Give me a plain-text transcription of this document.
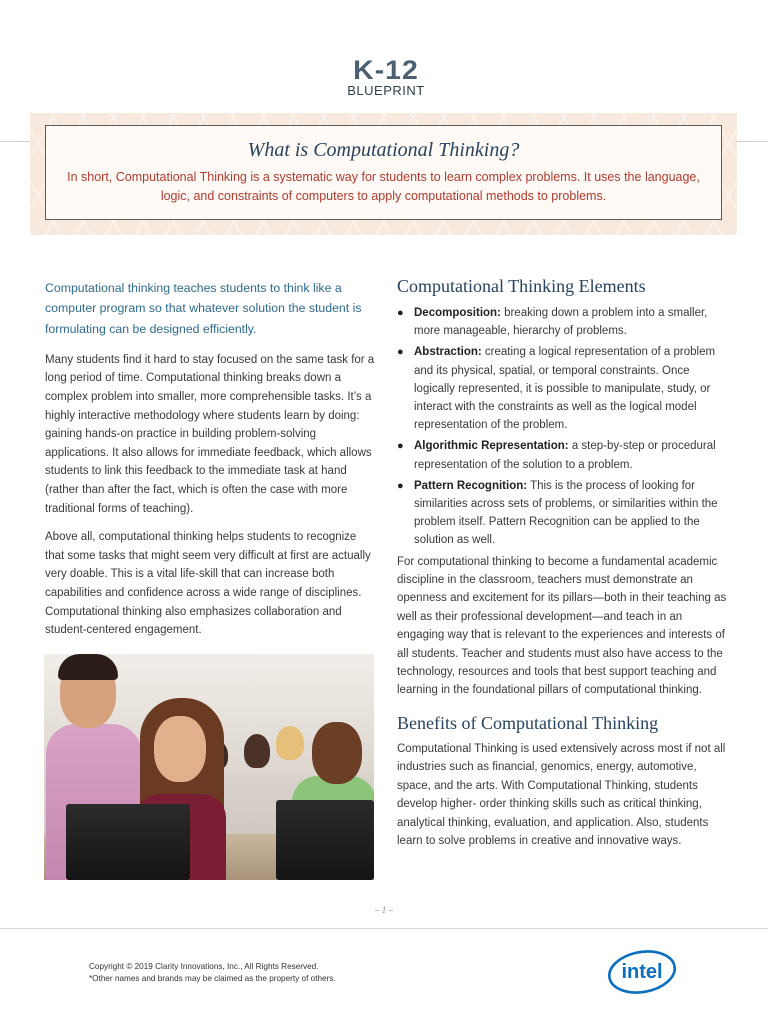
K-12
BLUEPRINT
What is Computational Thinking?

In short, Computational Thinking is a systematic way for students to learn complex problems. It uses the language, logic, and constraints of computers to apply computational methods to problems.

Computational thinking teaches students to think like a computer program so that whatever solution the student is formulating can be designed efficiently.

Many students find it hard to stay focused on the same task for a long period of time. Computational thinking breaks down a complex problem into smaller, more comprehensible tasks. It’s a highly interactive methodology where students learn by doing: gaining hands-on practice in building problem-solving applications. It also allows for immediate feedback, which allows students to link this feedback to the immediate task at hand (rather than after the fact, which is often the case with more traditional forms of teaching).

Above all, computational thinking helps students to recognize that some tasks that might seem very difficult at first are actually very doable. This is a vital life-skill that can increase both capabilities and confidence across a wide range of disciplines. Computational thinking also emphasizes collaboration and student-centered engagement.

Computational Thinking Elements
● Decomposition: breaking down a problem into a smaller, more manageable, hierarchy of problems.
● Abstraction: creating a logical representation of a problem and its physical, spatial, or temporal constraints. Once logically represented, it is possible to manipulate, study, or interact with the constraints as well as the logical model representation of the problem.
● Algorithmic Representation: a step-by-step or procedural representation of the solution to a problem.
● Pattern Recognition: This is the process of looking for similarities across sets of problems, or similarities within the problem itself. Pattern Recognition can be applied to the solution as well.

For computational thinking to become a fundamental academic discipline in the classroom, teachers must demonstrate an openness and excitement for its pillars—both in their teaching as well as their professional development—and teach in an engaging way that is relevant to the experiences and interests of all students. Teacher and students must also have access to the technology, resources and tools that best support teaching and learning in the foundational pillars of computational thinking.

Benefits of Computational Thinking

Computational Thinking is used extensively across most if not all industries such as financial, genomics, energy, automotive, space, and the arts. With Computational Thinking, students develop higher- order thinking skills such as critical thinking, analytical thinking, evaluation, and application. Also, students learn to solve problems in creative and innovative ways.

– 1 –
Copyright © 2019 Clarity Innovations, Inc., All Rights Reserved.
*Other names and brands may be claimed as the property of others.	intel
